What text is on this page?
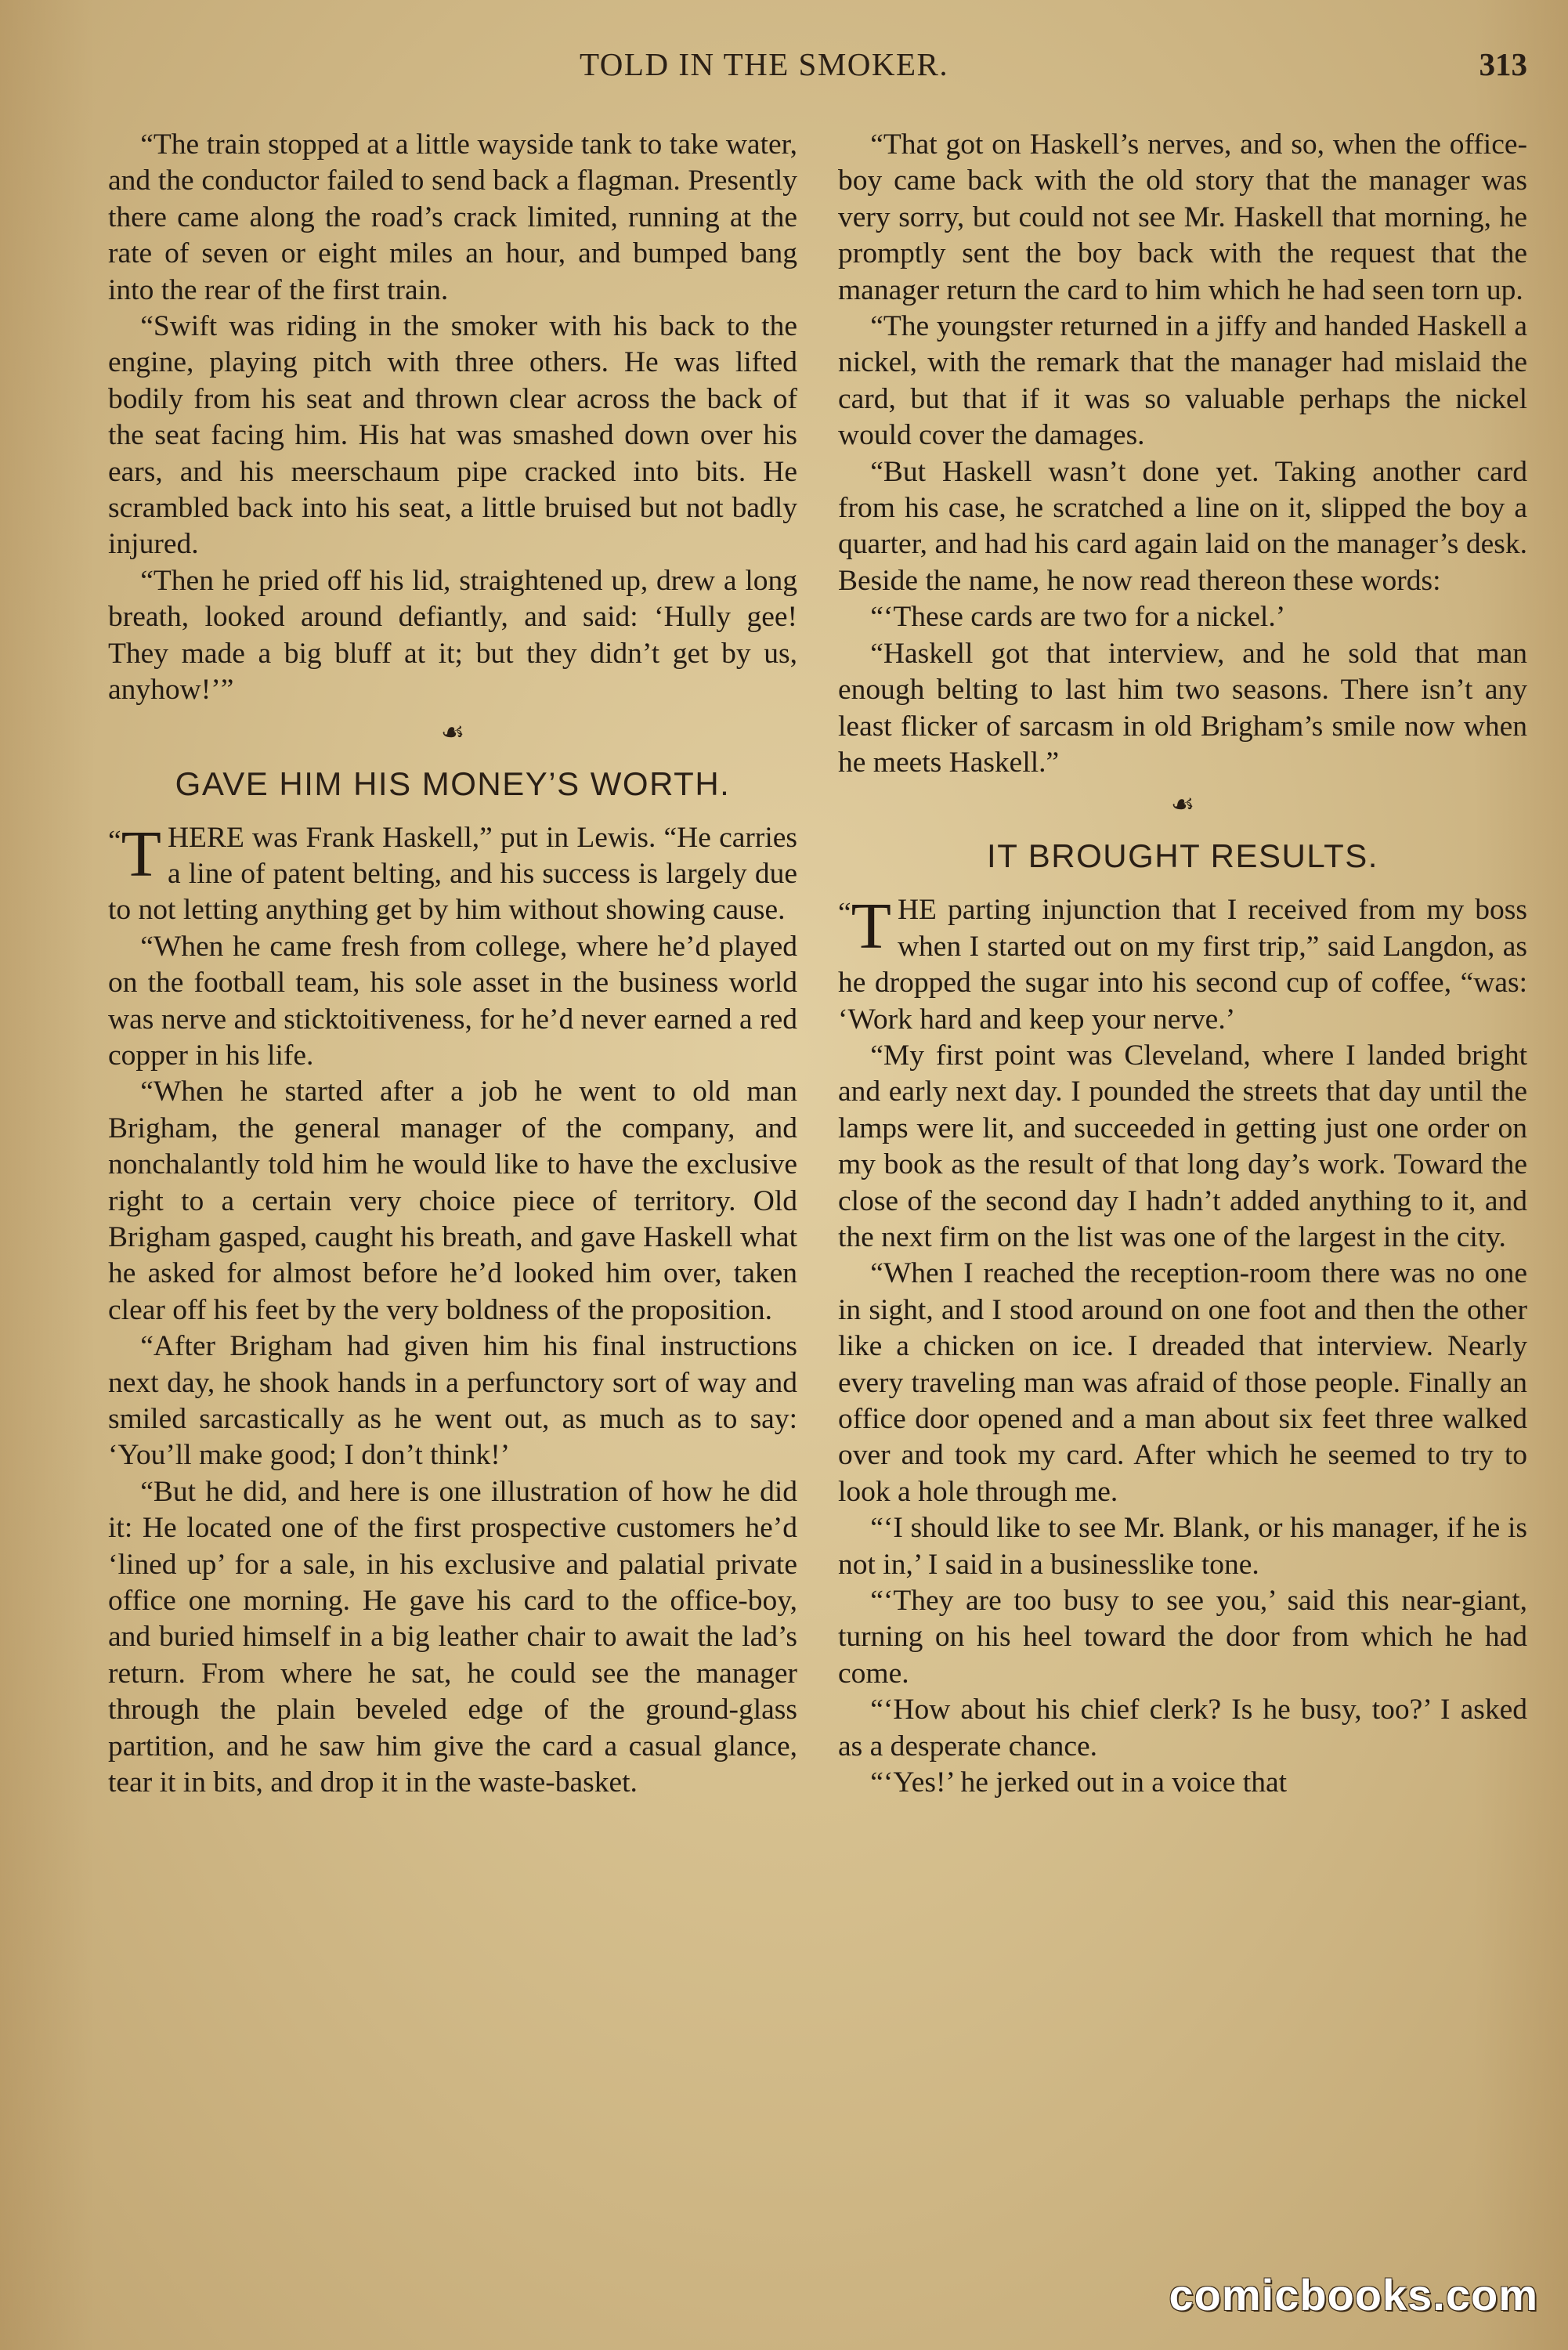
TOLD IN THE SMOKER.	313

“The train stopped at a little wayside tank to take water, and the conductor failed to send back a flagman. Presently there came along the road’s crack limited, running at the rate of seven or eight miles an hour, and bumped bang into the rear of the first train.

“Swift was riding in the smoker with his back to the engine, playing pitch with three others. He was lifted bodily from his seat and thrown clear across the back of the seat facing him. His hat was smashed down over his ears, and his meerschaum pipe cracked into bits. He scrambled back into his seat, a little bruised but not badly injured.

“Then he pried off his lid, straightened up, drew a long breath, looked around defiantly, and said: ‘Hully gee! They made a big bluff at it; but they didn’t get by us, anyhow!’”

☙
GAVE HIM HIS MONEY’S WORTH.

“ T HERE was Frank Haskell,” put in Lewis. “He carries a line of patent belting, and his success is largely due to not letting anything get by him without showing cause.

“When he came fresh from college, where he’d played on the football team, his sole asset in the business world was nerve and sticktoitiveness, for he’d never earned a red copper in his life.

“When he started after a job he went to old man Brigham, the general manager of the company, and nonchalantly told him he would like to have the exclusive right to a certain very choice piece of territory. Old Brigham gasped, caught his breath, and gave Haskell what he asked for almost before he’d looked him over, taken clear off his feet by the very boldness of the proposition.

“After Brigham had given him his final instructions next day, he shook hands in a perfunctory sort of way and smiled sarcastically as he went out, as much as to say: ‘You’ll make good; I don’t think!’

“But he did, and here is one illustration of how he did it: He located one of the first prospective customers he’d ‘lined up’ for a sale, in his exclusive and palatial private office one morning. He gave his card to the office-boy, and buried himself in a big leather chair to await the lad’s return. From where he sat, he could see the manager through the plain beveled edge of the ground-glass partition, and he saw him give the card a casual glance, tear it in bits, and drop it in the waste-basket.

“That got on Haskell’s nerves, and so, when the office-boy came back with the old story that the manager was very sorry, but could not see Mr. Haskell that morning, he promptly sent the boy back with the request that the manager return the card to him which he had seen torn up.

“The youngster returned in a jiffy and handed Haskell a nickel, with the remark that the manager had mislaid the card, but that if it was so valuable perhaps the nickel would cover the damages.

“But Haskell wasn’t done yet. Taking another card from his case, he scratched a line on it, slipped the boy a quarter, and had his card again laid on the manager’s desk. Beside the name, he now read thereon these words:

“‘These cards are two for a nickel.’

“Haskell got that interview, and he sold that man enough belting to last him two seasons. There isn’t any least flicker of sarcasm in old Brigham’s smile now when he meets Haskell.”

☙
IT BROUGHT RESULTS.

“ T HE parting injunction that I received from my boss when I started out on my first trip,” said Langdon, as he dropped the sugar into his second cup of coffee, “was: ‘Work hard and keep your nerve.’

“My first point was Cleveland, where I landed bright and early next day. I pounded the streets that day until the lamps were lit, and succeeded in getting just one order on my book as the result of that long day’s work. Toward the close of the second day I hadn’t added anything to it, and the next firm on the list was one of the largest in the city.

“When I reached the reception-room there was no one in sight, and I stood around on one foot and then the other like a chicken on ice. I dreaded that interview. Nearly every traveling man was afraid of those people. Finally an office door opened and a man about six feet three walked over and took my card. After which he seemed to try to look a hole through me.

“‘I should like to see Mr. Blank, or his manager, if he is not in,’ I said in a businesslike tone.

“‘They are too busy to see you,’ said this near-giant, turning on his heel toward the door from which he had come.

“‘How about his chief clerk? Is he busy, too?’ I asked as a desperate chance.

“‘Yes!’ he jerked out in a voice that

comicbooks.com
